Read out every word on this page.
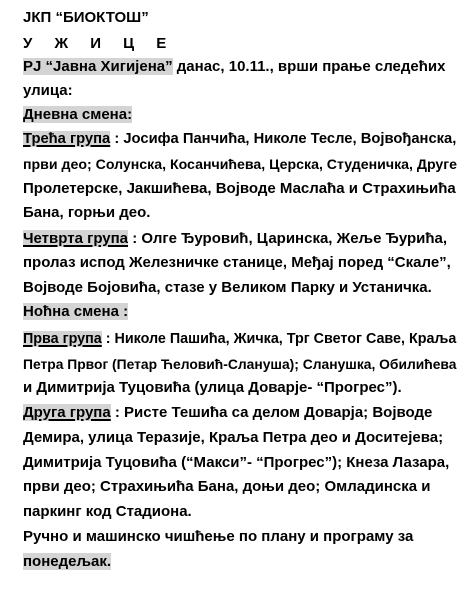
ЈКП “БИОКТОШ”
У Ж И Ц Е
РЈ “Јавна Хигијена” данас, 10.11., врши прање следећих
улица:
Дневна смена:
Трећа група : Јосифа Панчића, Николе Тесле, Војвођанска,
први део; Солунска, Косанчићева, Церска, Студеничка, Друге
Пролетерске, Јакшићева, Војводе Маслаћа и Страхињића
Бана, горњи део.
Четврта група : Олге Ђуровић, Царинска, Жеље Ђурића,
пролаз испод Железничке станице, Међај поред “Скале”,
Војводе Бојовића, стазе у Великом Парку и Устаничка.
Ноћна смена :
Прва група : Николе Пашића, Жичка, Трг Светог Саве, Краља
Петра Првог (Петар Ћеловић-Слануша); Сланушка, Обилићева
и Димитрија Туцовића (улица Доварје- “Прогрес”).
Друга група : Ристе Тешића са делом Доварја; Војводе
Демира, улица Теразије, Краља Петра део и Доситејева;
Димитрија Туцовића (“Макси”- “Прогрес”); Кнеза Лазара,
први део; Страхињића Бана, доњи део; Омладинска и
паркинг код Стадиона.
Ручно и машинско чишћење по плану и програму за
понедељак.
